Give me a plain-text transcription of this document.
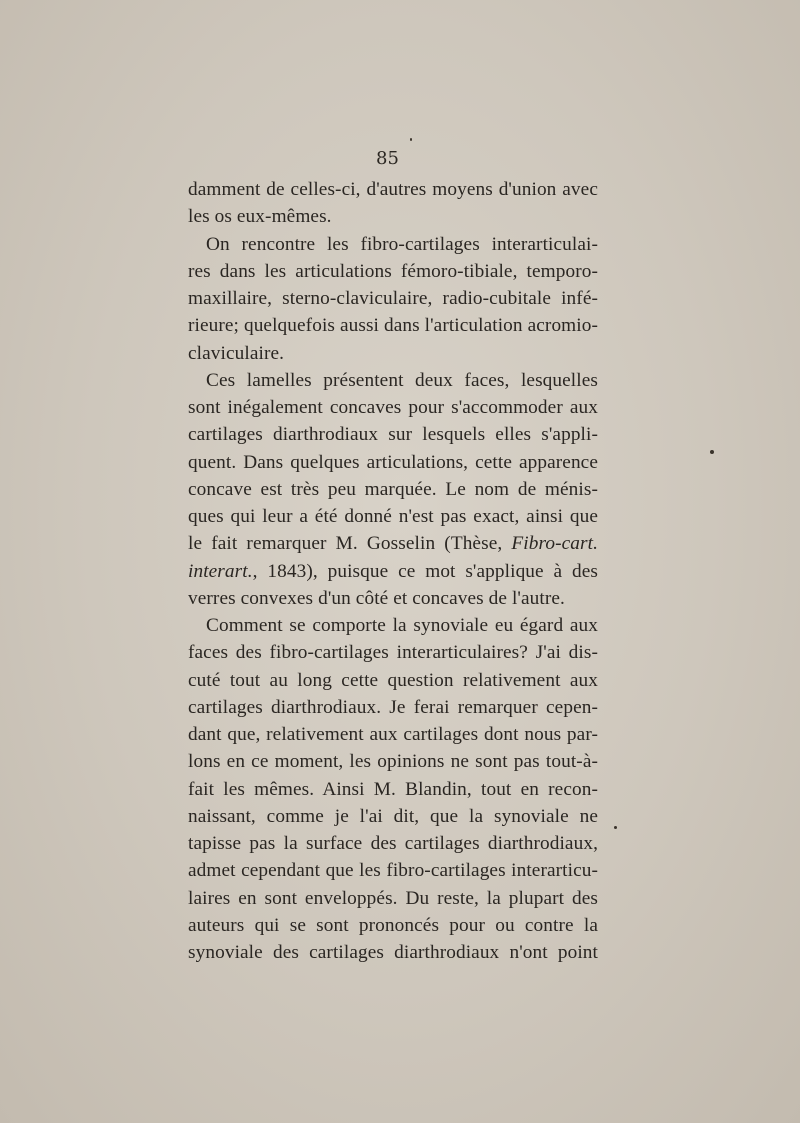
85
damment de celles-ci, d'autres moyens d'union avec
les os eux-mêmes.
On rencontre les fibro-cartilages interarticulai-
res dans les articulations fémoro-tibiale, temporo-
maxillaire, sterno-claviculaire, radio-cubitale infé-
rieure; quelquefois aussi dans l'articulation acromio-
claviculaire.
Ces lamelles présentent deux faces, lesquelles
sont inégalement concaves pour s'accommoder aux
cartilages diarthrodiaux sur lesquels elles s'appli-
quent. Dans quelques articulations, cette apparence
concave est très peu marquée. Le nom de ménis-
ques qui leur a été donné n'est pas exact, ainsi que
le fait remarquer M. Gosselin (Thèse, Fibro-cart.
interart., 1843), puisque ce mot s'applique à des
verres convexes d'un côté et concaves de l'autre.
Comment se comporte la synoviale eu égard aux
faces des fibro-cartilages interarticulaires? J'ai dis-
cuté tout au long cette question relativement aux
cartilages diarthrodiaux. Je ferai remarquer cepen-
dant que, relativement aux cartilages dont nous par-
lons en ce moment, les opinions ne sont pas tout-à-
fait les mêmes. Ainsi M. Blandin, tout en recon-
naissant, comme je l'ai dit, que la synoviale ne
tapisse pas la surface des cartilages diarthrodiaux,
admet cependant que les fibro-cartilages interarticu-
laires en sont enveloppés. Du reste, la plupart des
auteurs qui se sont prononcés pour ou contre la
synoviale des cartilages diarthrodiaux n'ont point
